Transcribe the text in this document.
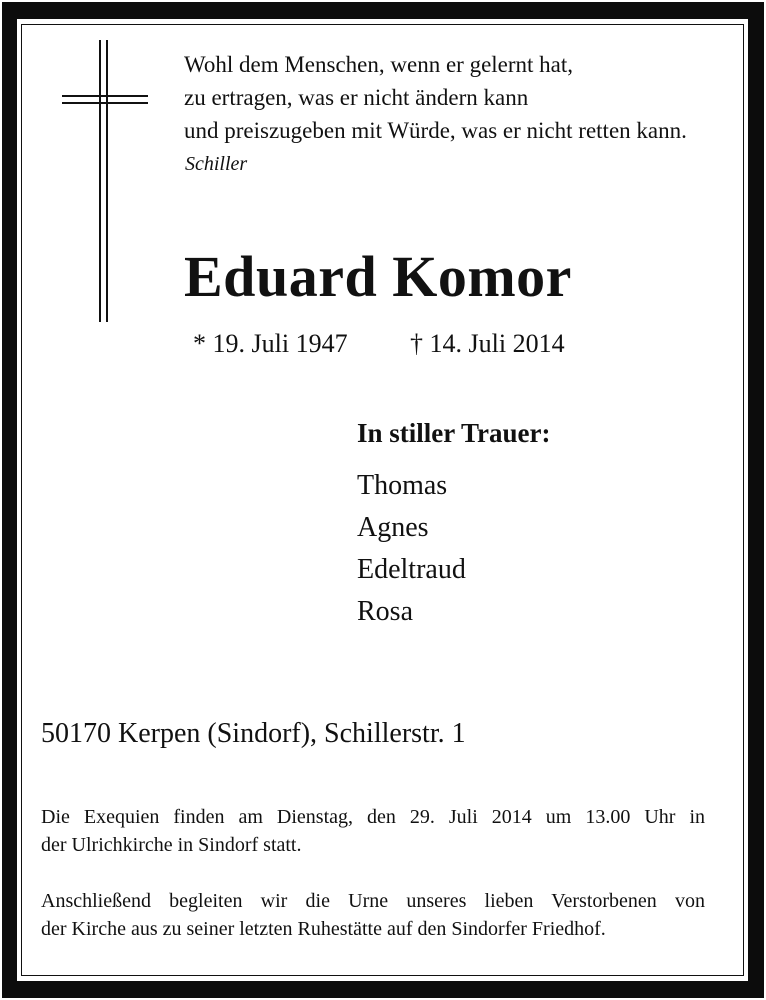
Wohl dem Menschen, wenn er gelernt hat,
zu ertragen, was er nicht ändern kann
und preiszugeben mit Würde, was er nicht retten kann.
Schiller
Eduard Komor
* 19. Juli 1947 † 14. Juli 2014
In stiller Trauer:
Thomas
Agnes
Edeltraud
Rosa
50170 Kerpen (Sindorf), Schillerstr. 1
Die Exequien finden am Dienstag, den 29. Juli 2014 um 13.00 Uhr in
der Ulrichkirche in Sindorf statt.
Anschließend begleiten wir die Urne unseres lieben Verstorbenen von
der Kirche aus zu seiner letzten Ruhestätte auf den Sindorfer Friedhof.
